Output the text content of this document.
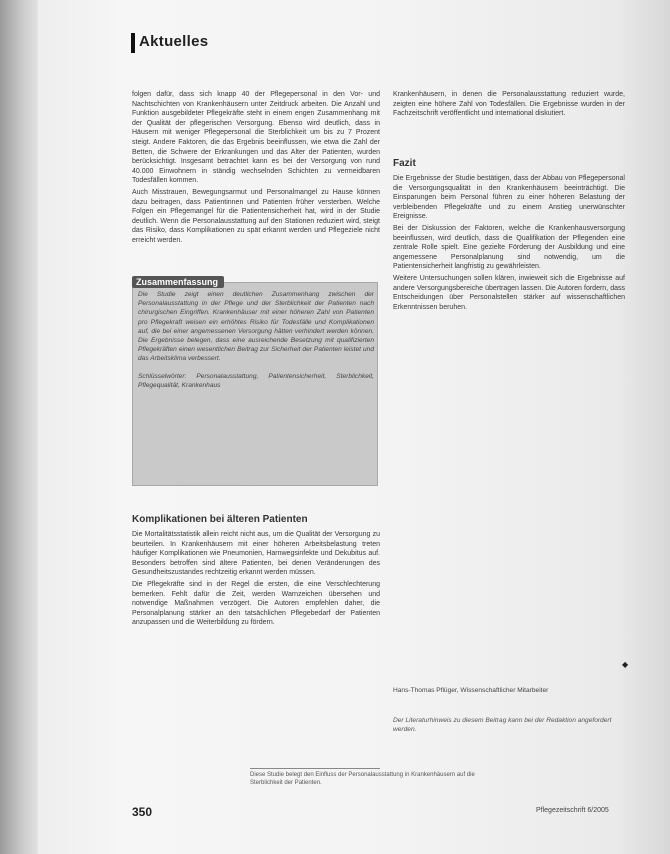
Aktuelles

folgen dafür, dass sich knapp 40 der Pflegepersonal in den Vor- und Nachtschichten von Krankenhäusern unter Zeitdruck arbeiten. Die Anzahl und Funktion ausgebildeter Pflegekräfte steht in einem engen Zusammenhang mit der Qualität der pflegerischen Versorgung. Ebenso wird deutlich, dass in Häusern mit weniger Pflegepersonal die Sterblichkeit um bis zu 7 Prozent steigt. Andere Faktoren, die das Ergebnis beeinflussen, wie etwa die Zahl der Betten, die Schwere der Erkrankungen und das Alter der Patienten, wurden berücksichtigt. Insgesamt betrachtet kann es bei der Versorgung von rund 40.000 Einwohnern in ständig wechselnden Schichten zu vermeidbaren Todesfällen kommen.

Auch Misstrauen, Bewegungsarmut und Personalmangel zu Hause können dazu beitragen, dass Patientinnen und Patienten früher versterben. Welche Folgen ein Pflegemangel für die Patientensicherheit hat, wird in der Studie deutlich. Wenn die Personalausstattung auf den Stationen reduziert wird, steigt das Risiko, dass Komplikationen zu spät erkannt werden und Pflegeziele nicht erreicht werden.

Zusammenfassung

Die Studie zeigt einen deutlichen Zusammenhang zwischen der Personalausstattung in der Pflege und der Sterblichkeit der Patienten nach chirurgischen Eingriffen. Krankenhäuser mit einer höheren Zahl von Patienten pro Pflegekraft weisen ein erhöhtes Risiko für Todesfälle und Komplikationen auf, die bei einer angemessenen Versorgung hätten verhindert werden können. Die Ergebnisse belegen, dass eine ausreichende Besetzung mit qualifizierten Pflegekräften einen wesentlichen Beitrag zur Sicherheit der Patienten leistet und das Arbeitsklima verbessert.

Schlüsselwörter: Personalausstattung, Patientensicherheit, Sterblichkeit, Pflegequalität, Krankenhaus

Komplikationen bei älteren Patienten

Die Mortalitätsstatistik allein reicht nicht aus, um die Qualität der Versorgung zu beurteilen. In Krankenhäusern mit einer höheren Arbeitsbelastung treten häufiger Komplikationen wie Pneumonien, Harnwegsinfekte und Dekubitus auf. Besonders betroffen sind ältere Patienten, bei denen Veränderungen des Gesundheitszustandes rechtzeitig erkannt werden müssen.

Die Pflegekräfte sind in der Regel die ersten, die eine Verschlechterung bemerken. Fehlt dafür die Zeit, werden Warnzeichen übersehen und notwendige Maßnahmen verzögert. Die Autoren empfehlen daher, die Personalplanung stärker an den tatsächlichen Pflegebedarf der Patienten anzupassen und die Weiterbildung zu fördern.

Krankenhäusern, in denen die Personalausstattung reduziert wurde, zeigten eine höhere Zahl von Todesfällen. Die Ergebnisse wurden in der Fachzeitschrift veröffentlicht und international diskutiert.

Fazit

Die Ergebnisse der Studie bestätigen, dass der Abbau von Pflegepersonal die Versorgungsqualität in den Krankenhäusern beeinträchtigt. Die Einsparungen beim Personal führen zu einer höheren Belastung der verbleibenden Pflegekräfte und zu einem Anstieg unerwünschter Ereignisse.

Bei der Diskussion der Faktoren, welche die Krankenhausversorgung beeinflussen, wird deutlich, dass die Qualifikation der Pflegenden eine zentrale Rolle spielt. Eine gezielte Förderung der Ausbildung und eine angemessene Personalplanung sind notwendig, um die Patientensicherheit langfristig zu gewährleisten.

Weitere Untersuchungen sollen klären, inwieweit sich die Ergebnisse auf andere Versorgungsbereiche übertragen lassen. Die Autoren fordern, dass Entscheidungen über Personalstellen stärker auf wissenschaftlichen Erkenntnissen beruhen.

◆
Hans-Thomas Pflüger, Wissenschaftlicher Mitarbeiter
Der Literaturhinweis zu diesem Beitrag kann bei der Redaktion angefordert werden.
Diese Studie belegt den Einfluss der Personalausstattung in Krankenhäusern auf die Sterblichkeit der Patienten.
350	Pflegezeitschrift 6/2005
